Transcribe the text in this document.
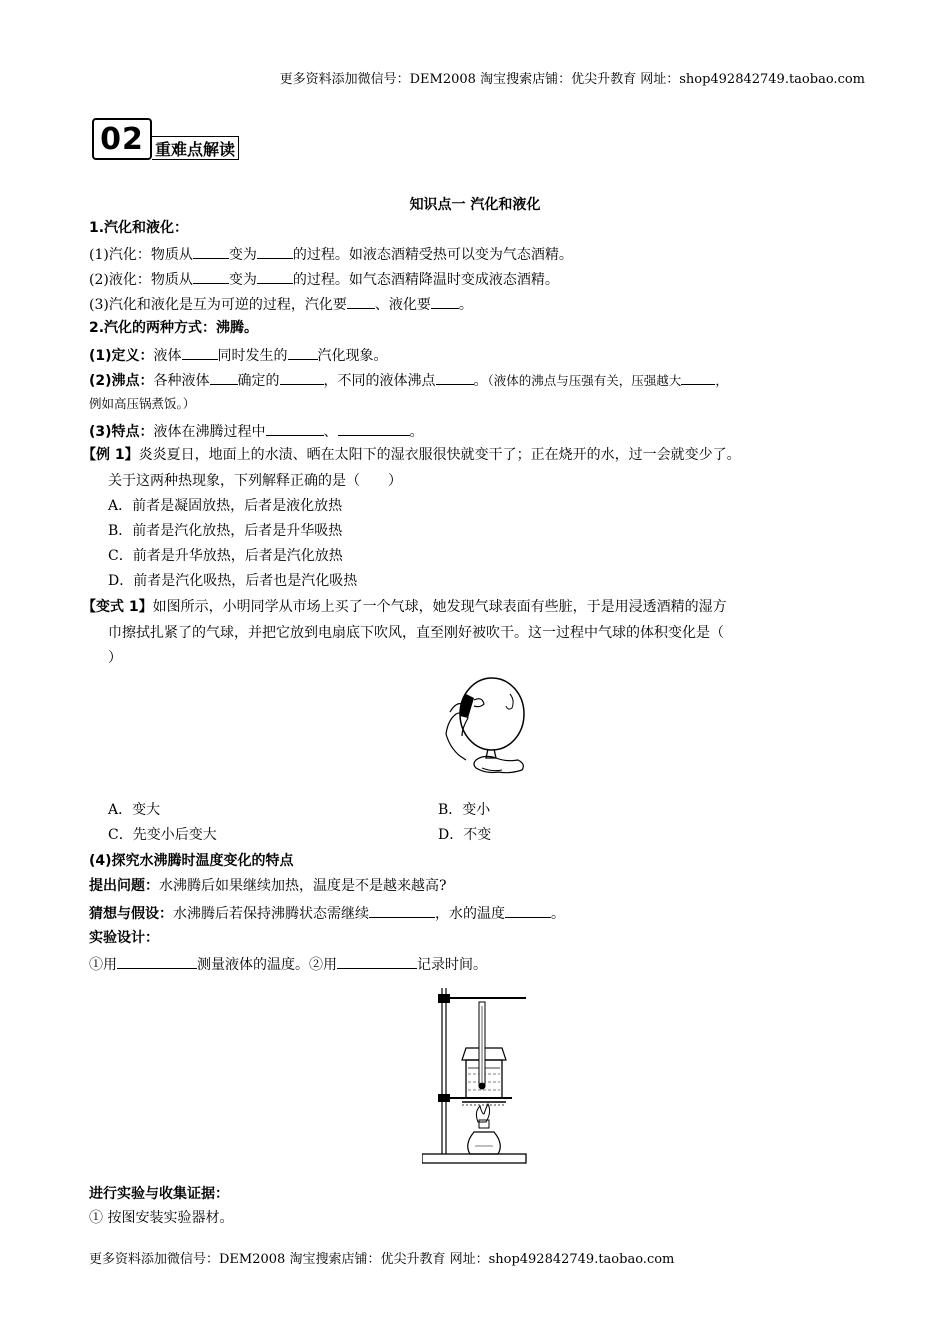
更多资料添加微信号：DEM2008 淘宝搜索店铺：优尖升教育 网址：shop492842749.taobao.com
02 重难点解读
知识点一 汽化和液化
1.汽化和液化：
(1)汽化：物质从	变为	的过程。如液态酒精受热可以变为气态酒精。
(2)液化：物质从	变为	的过程。如气态酒精降温时变成液态酒精。
(3)汽化和液化是互为可逆的过程，汽化要 、液化要 。
2.汽化的两种方式：沸腾。
(1)定义：液体	同时发生的 汽化现象。
(2)沸点：各种液体 确定的	，不同的液体沸点	。（液体的沸点与压强有关，压强越大	，
例如高压锅煮饭。）
(3)特点：液体在沸腾过程中	、	。
【例 1】炎炎夏日，地面上的水渍、晒在太阳下的湿衣服很快就变干了；正在烧开的水，过一会就变少了。
关于这两种热现象，下列解释正确的是（　　）
A．前者是凝固放热，后者是液化放热
B．前者是汽化放热，后者是升华吸热
C．前者是升华放热，后者是汽化放热
D．前者是汽化吸热，后者也是汽化吸热
【变式 1】如图所示，小明同学从市场上买了一个气球，她发现气球表面有些脏，于是用浸透酒精的湿方
巾擦拭扎紧了的气球，并把它放到电扇底下吹风，直至刚好被吹干。这一过程中气球的体积变化是（
）
A．变大	B．变小
C．先变小后变大	D．不变
(4)探究水沸腾时温度变化的特点
提出问题：水沸腾后如果继续加热，温度是不是越来越高?
猜想与假设：水沸腾后若保持沸腾状态需继续	，水的温度	。
实验设计：
①用	测量液体的温度。②用	记录时间。
进行实验与收集证据：
① 按图安装实验器材。
更多资料添加微信号：DEM2008 淘宝搜索店铺：优尖升教育 网址：shop492842749.taobao.com
